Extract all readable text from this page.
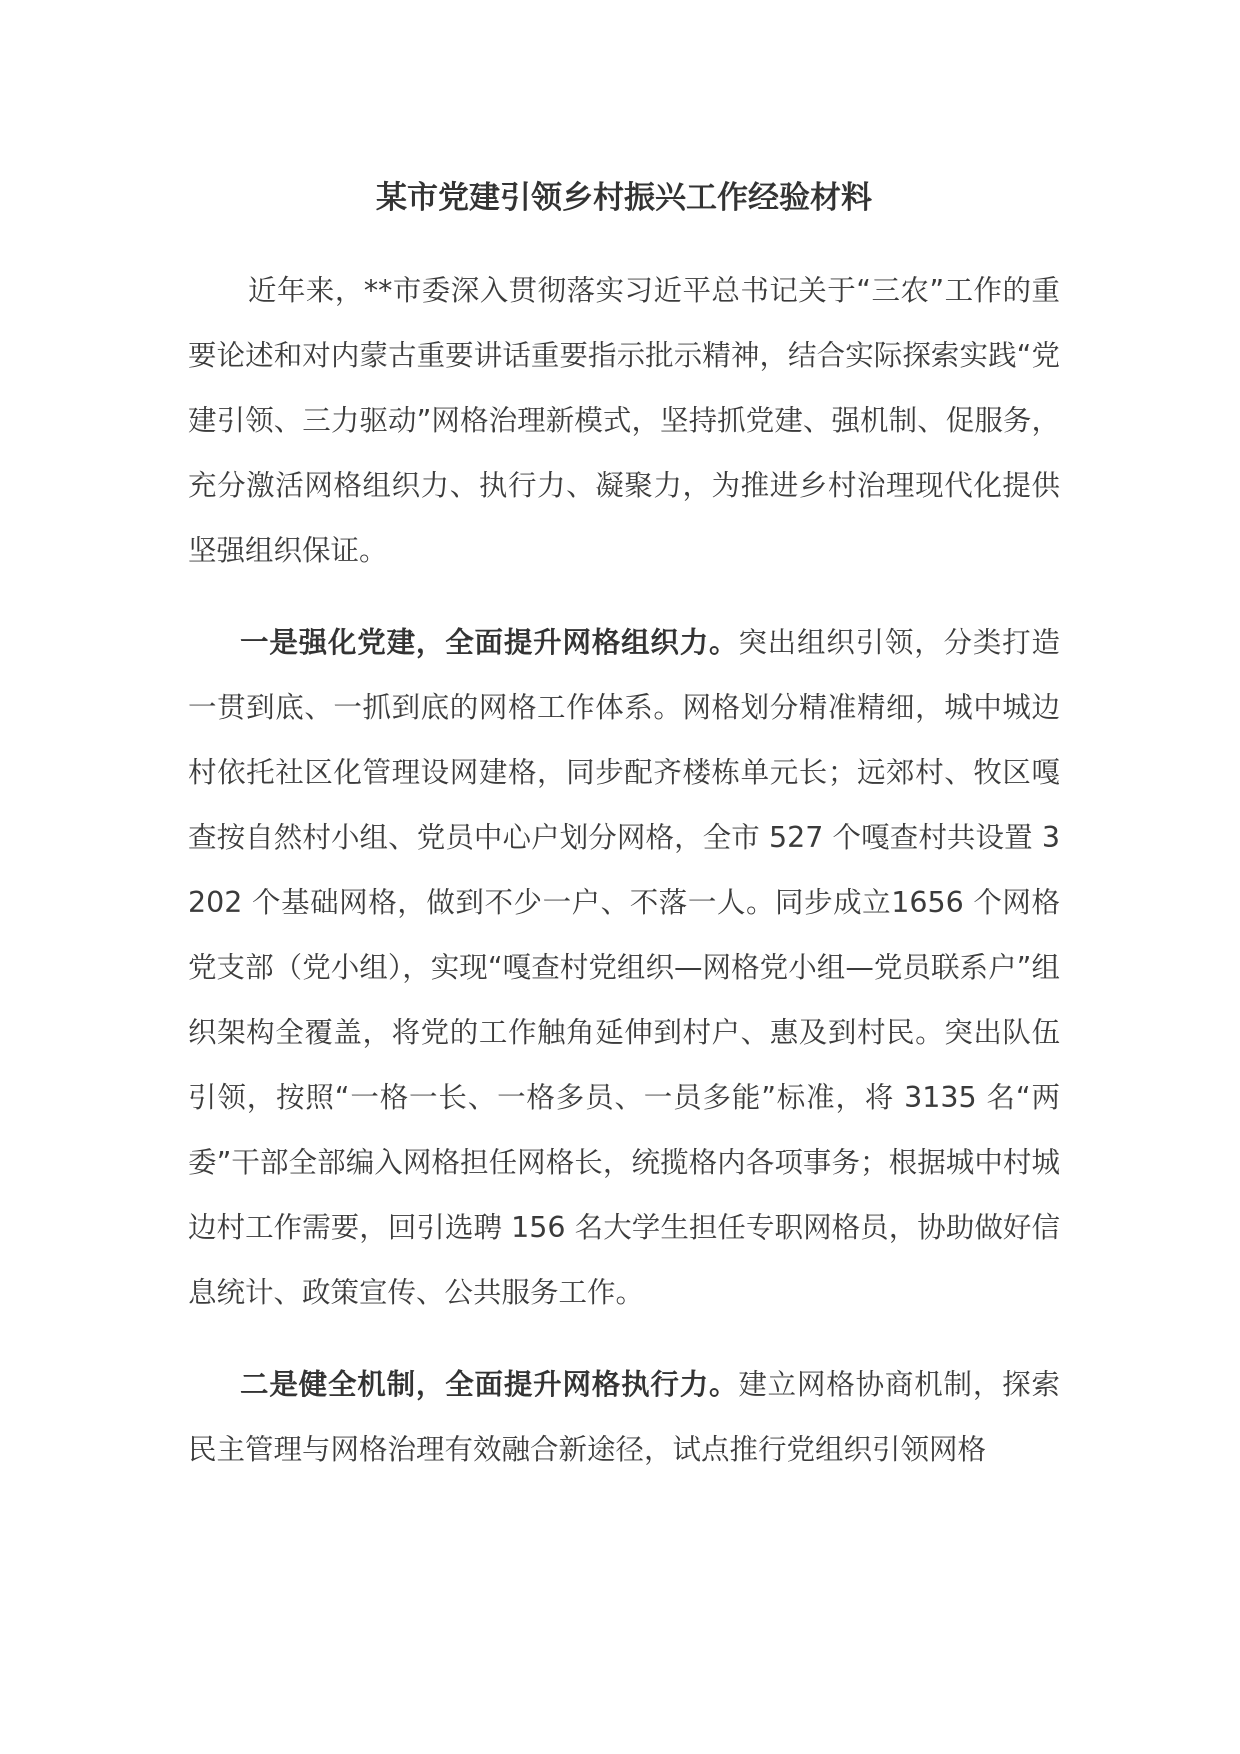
某市党建引领乡村振兴工作经验材料

近年来，**市委深入贯彻落实习近平总书记关于“三农”工作的重要论述和对内蒙古重要讲话重要指示批示精神，结合实际探索实践“党建引领、三力驱动”网格治理新模式，坚持抓党建、强机制、促服务，充分激活网格组织力、执行力、凝聚力，为推进乡村治理现代化提供坚强组织保证。

一是强化党建，全面提升网格组织力。突出组织引领，分类打造一贯到底、一抓到底的网格工作体系。网格划分精准精细，城中城边村依托社区化管理设网建格，同步配齐楼栋单元长；远郊村、牧区嘎查按自然村小组、党员中心户划分网格，全市 527 个嘎查村共设置 3202 个基础网格，做到不少一户、不落一人。同步成立1656 个网格党支部（党小组），实现“嘎查村党组织—网格党小组—党员联系户”组织架构全覆盖，将党的工作触角延伸到村户、惠及到村民。突出队伍引领，按照“一格一长、一格多员、一员多能”标准，将 3135 名“两委”干部全部编入网格担任网格长，统揽格内各项事务；根据城中村城边村工作需要，回引选聘 156 名大学生担任专职网格员，协助做好信息统计、政策宣传、公共服务工作。

二是健全机制，全面提升网格执行力。建立网格协商机制，探索民主管理与网格治理有效融合新途径，试点推行党组织引领网格
